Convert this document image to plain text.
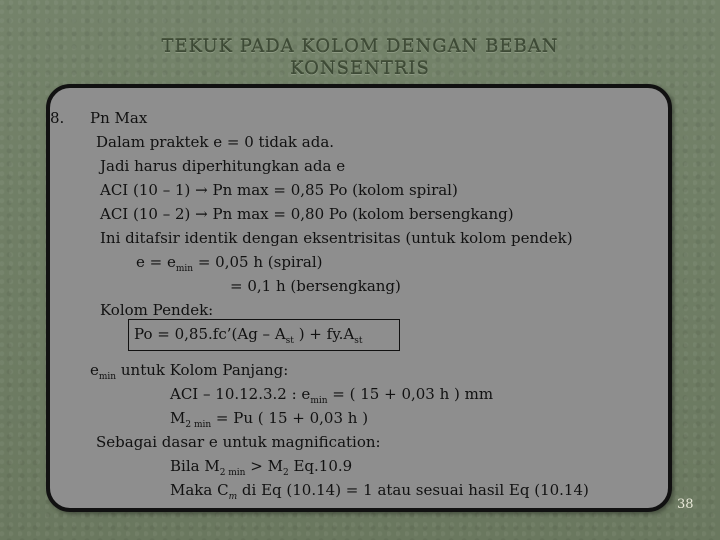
TEKUK PADA KOLOM DENGAN BEBAN
KONSENTRIS
8. Pn Max
Dalam praktek e = 0 tidak ada.
Jadi harus diperhitungkan ada e
ACI (10 – 1) → Pn max = 0,85 Po (kolom spiral)
ACI (10 – 2) → Pn max = 0,80 Po (kolom bersengkang)
Ini ditafsir identik dengan eksentrisitas (untuk kolom pendek)
$e = e_{min} = 0,05$ h (spiral)
= 0,1 h (bersengkang)
Kolom Pendek:
Po = 0,85.fc’(Ag – $A_{st}$ ) + $fy.A_{st}$
$e_{min}$ untuk Kolom Panjang:
ACI – 10.12.3.2 : $e_{min}$ = ( 15 + 0,03 h ) mm
$M_{2 min} = Pu$ ( 15 + 0,03 h )
Sebagai dasar e untuk magnification:
Bila $M_{2 min} > M_2$ Eq.10.9
Maka $C_m$ di Eq (10.14) = 1 atau sesuai hasil Eq (10.14)
38
